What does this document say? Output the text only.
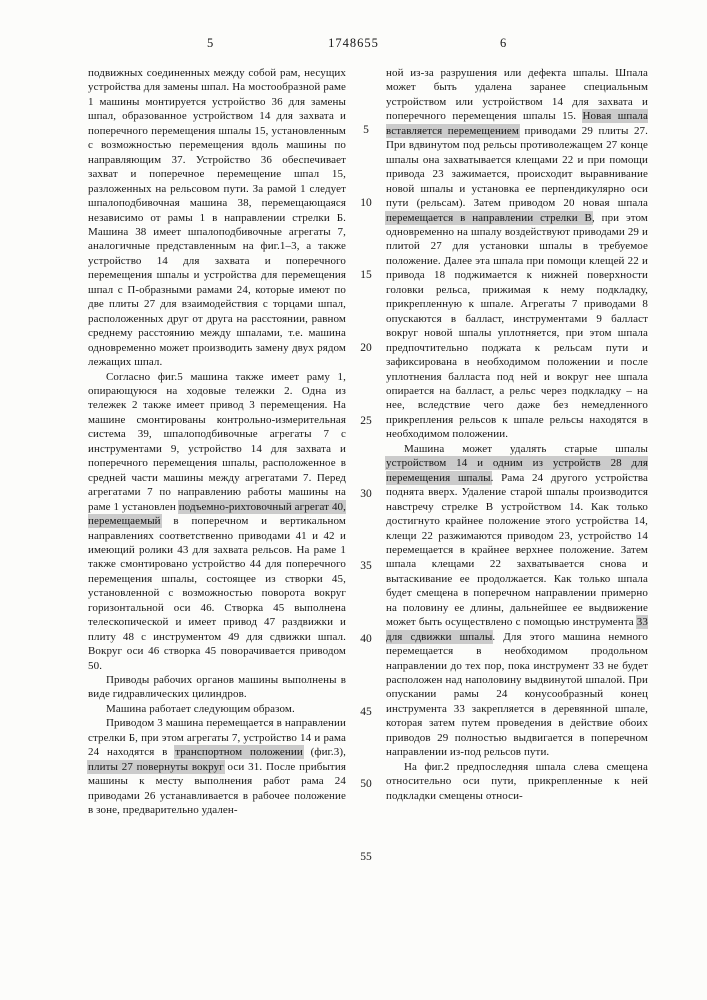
5	1748655	6

подвижных соединенных между собой рам, несущих устройства для замены шпал. На мостообразной раме 1 машины монтируется устройство 36 для замены шпал, образованное устройством 14 для захвата и поперечного перемещения шпалы 15, установленным с возможностью перемещения вдоль машины по направляющим 37. Устройство 36 обеспечивает захват и поперечное перемещение шпал 15, разложенных на рельсовом пути. За рамой 1 следует шпалоподбивочная машина 38, перемещающаяся независимо от рамы 1 в направлении стрелки Б. Машина 38 имеет шпалоподбивочные агрегаты 7, аналогичные представленным на фиг.1–3, а также устройство 14 для захвата и поперечного перемещения шпалы и устройства для перемещения шпал с П-образными рамами 24, которые имеют по две плиты 27 для взаимодействия с торцами шпал, расположенных друг от друга на расстоянии, равном среднему расстоянию между шпалами, т.е. машина одновременно может производить замену двух рядом лежащих шпал.

Согласно фиг.5 машина также имеет раму 1, опирающуюся на ходовые тележки 2. Одна из тележек 2 также имеет привод 3 перемещения. На машине смонтированы контрольно-измерительная система 39, шпалоподбивочные агрегаты 7 с инструментами 9, устройство 14 для захвата и поперечного перемещения шпалы, расположенное в средней части машины между агрегатами 7. Перед агрегатами 7 по направлению работы машины на раме 1 установлен подъемно-рихтовочный агрегат 40, перемещаемый в поперечном и вертикальном направлениях соответственно приводами 41 и 42 и имеющий ролики 43 для захвата рельсов. На раме 1 также смонтировано устройство 44 для поперечного перемещения шпалы, состоящее из створки 45, установленной с возможностью поворота вокруг горизонтальной оси 46. Створка 45 выполнена телескопической и имеет привод 47 раздвижки и плиту 48 с инструментом 49 для сдвижки шпал. Вокруг оси 46 створка 45 поворачивается приводом 50.

Приводы рабочих органов машины выполнены в виде гидравлических цилиндров.

Машина работает следующим образом.

Приводом 3 машина перемещается в направлении стрелки Б, при этом агрегаты 7, устройство 14 и рама 24 находятся в транспортном положении (фиг.3), плиты 27 повернуты вокруг оси 31. После прибытия машины к месту выполнения работ рама 24 приводами 26 устанавливается в рабочее положение в зоне, предварительно удален-

5
10
15
20
25
30
35
40
45
50
55

ной из-за разрушения или дефекта шпалы. Шпала может быть удалена заранее специальным устройством или устройством 14 для захвата и поперечного перемещения шпалы 15. Новая шпала вставляется перемещением приводами 29 плиты 27. При вдвинутом под рельсы противолежащем 27 конце шпалы она захватывается клещами 22 и при помощи привода 23 зажимается, происходит выравнивание новой шпалы и установка ее перпендикулярно оси пути (рельсам). Затем приводом 20 новая шпала перемещается в направлении стрелки В, при этом одновременно на шпалу воздействуют приводами 29 и плитой 27 для установки шпалы в требуемое положение. Далее эта шпала при помощи клещей 22 и привода 18 поджимается к нижней поверхности головки рельса, прижимая к нему подкладку, прикрепленную к шпале. Агрегаты 7 приводами 8 опускаются в балласт, инструментами 9 балласт вокруг новой шпалы уплотняется, при этом шпала предпочтительно поджата к рельсам пути и зафиксирована в необходимом положении и после уплотнения балласта под ней и вокруг нее шпала опирается на балласт, а рельс через подкладку – на нее, вследствие чего даже без немедленного прикрепления рельсов к шпале рельсы находятся в необходимом положении.

Машина может удалять старые шпалы устройством 14 и одним из устройств 28 для перемещения шпалы. Рама 24 другого устройства поднята вверх. Удаление старой шпалы производится навстречу стрелке В устройством 14. Как только достигнуто крайнее положение этого устройства 14, клещи 22 разжимаются приводом 23, устройство 14 перемещается в крайнее верхнее положение. Затем шпала клещами 22 захватывается снова и вытаскивание ее продолжается. Как только шпала будет смещена в поперечном направлении примерно на половину ее длины, дальнейшее ее выдвижение может быть осуществлено с помощью инструмента 33 для сдвижки шпалы. Для этого машина немного перемещается в необходимом продольном направлении до тех пор, пока инструмент 33 не будет расположен над наполовину выдвинутой шпалой. При опускании рамы 24 конусообразный конец инструмента 33 закрепляется в деревянной шпале, которая затем путем проведения в действие обоих приводов 29 полностью выдвигается в поперечном направлении из-под рельсов пути.

На фиг.2 предпоследняя шпала слева смещена относительно оси пути, прикрепленные к ней подкладки смещены относи-
